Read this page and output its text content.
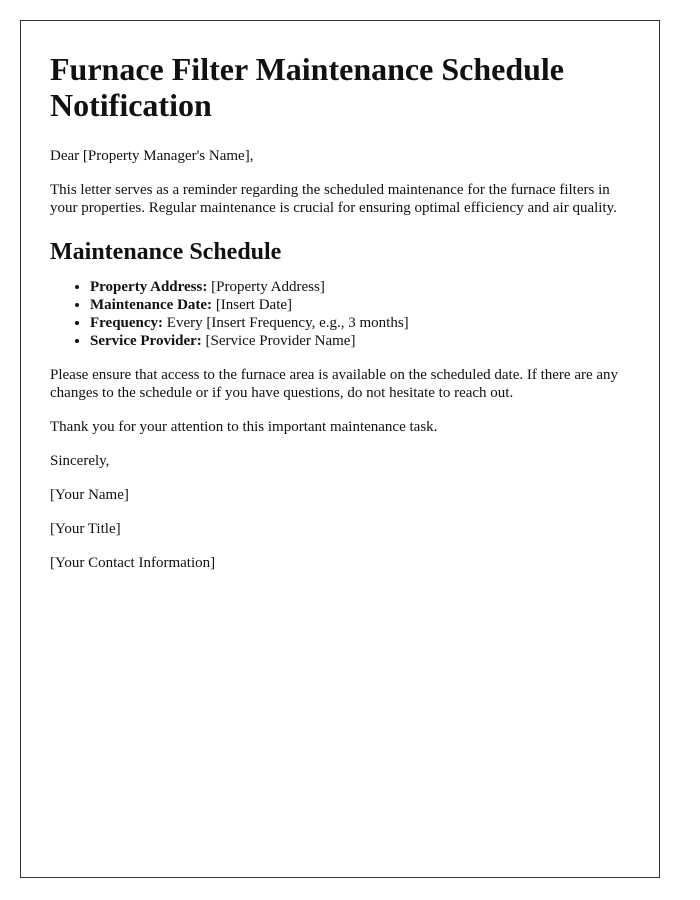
Furnace Filter Maintenance Schedule Notification

Dear [Property Manager's Name],

This letter serves as a reminder regarding the scheduled maintenance for the furnace filters in your properties. Regular maintenance is crucial for ensuring optimal efficiency and air quality.

Maintenance Schedule
• Property Address: [Property Address]
• Maintenance Date: [Insert Date]
• Frequency: Every [Insert Frequency, e.g., 3 months]
• Service Provider: [Service Provider Name]

Please ensure that access to the furnace area is available on the scheduled date. If there are any changes to the schedule or if you have questions, do not hesitate to reach out.

Thank you for your attention to this important maintenance task.

Sincerely,

[Your Name]

[Your Title]

[Your Contact Information]
